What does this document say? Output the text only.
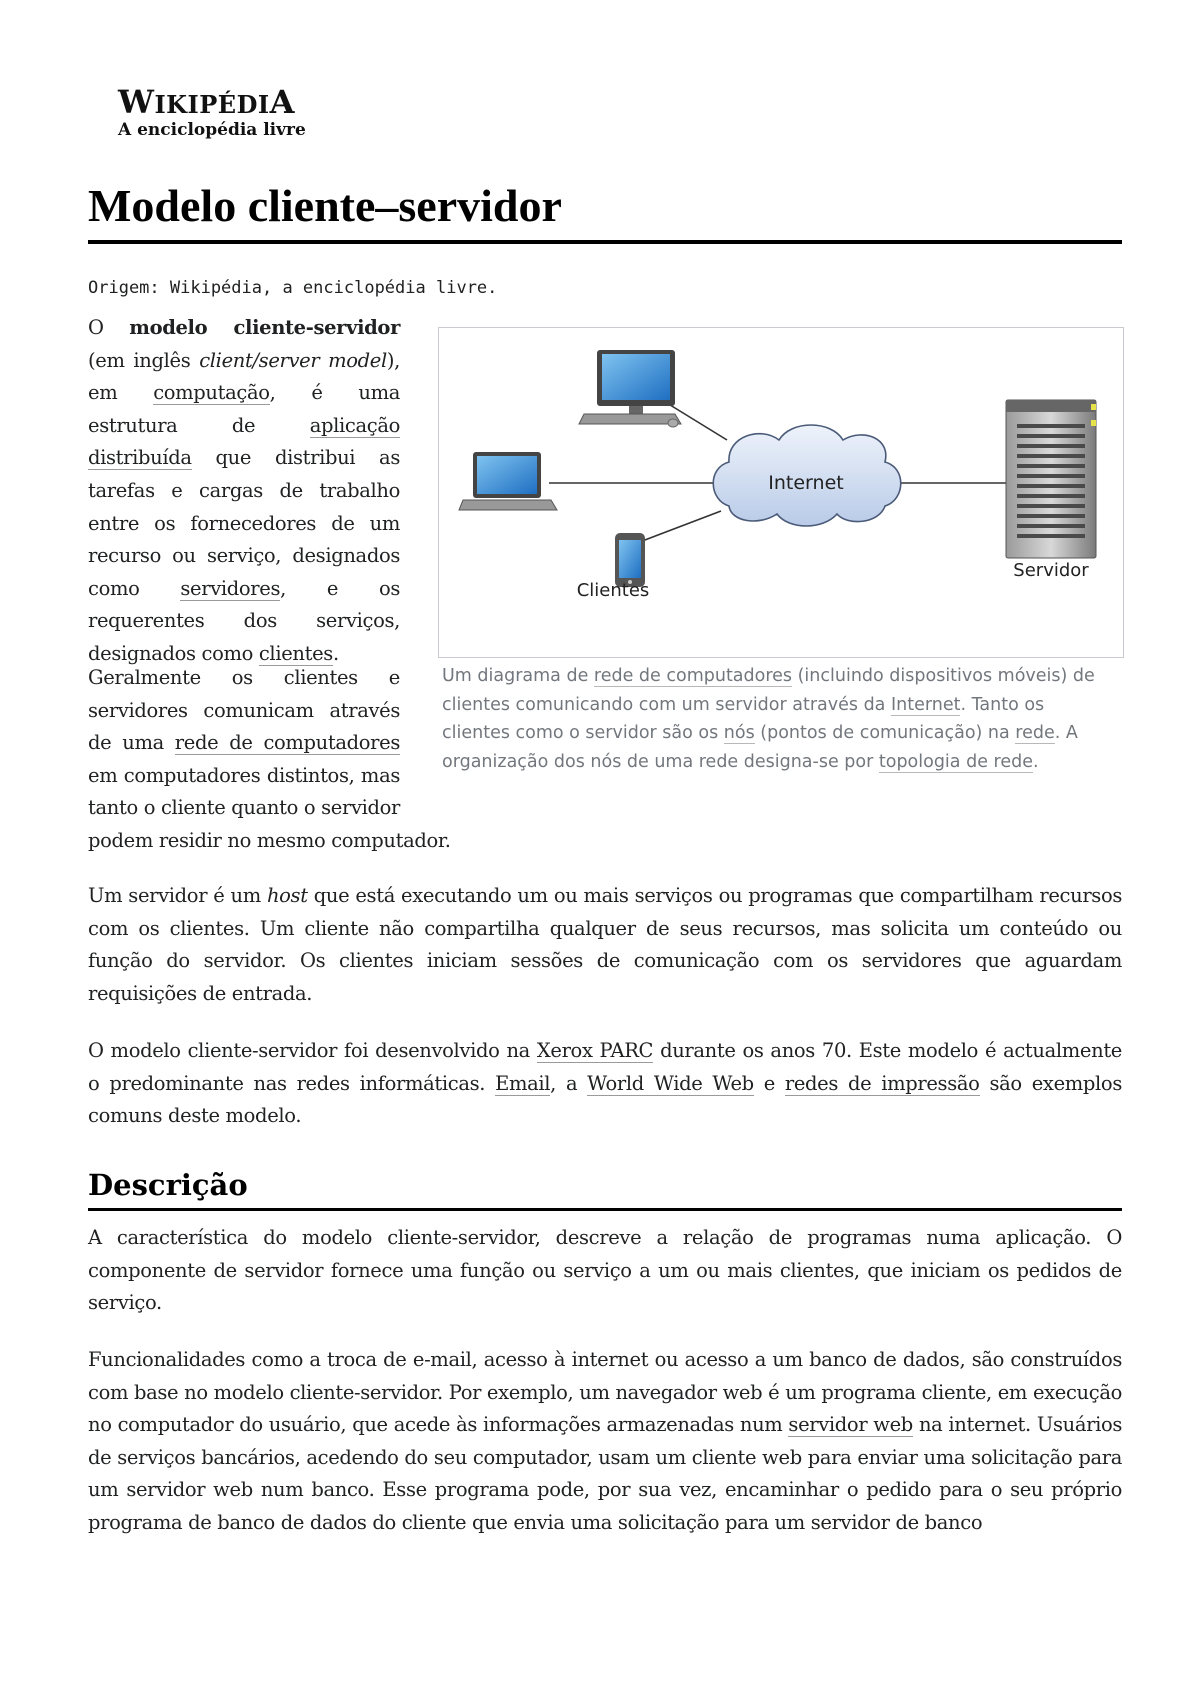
WIKIPÉDIA
A enciclopédia livre
Modelo cliente–servidor
Origem: Wikipédia, a enciclopédia livre.

O modelo cliente-servidor (em inglês client/server model), em computação, é uma estrutura de aplicação distribuída que distribui as tarefas e cargas de trabalho entre os fornecedores de um recurso ou serviço, designados como servidores, e os requerentes dos serviços, designados como clientes.

Geralmente os clientes e servidores comunicam através de uma rede de computadores em computadores distintos, mas tanto o cliente quanto o servidor podem residir no mesmo computador.

Internet
Clientes
Servidor

Um diagrama de rede de computadores (incluindo dispositivos móveis) de clientes comunicando com um servidor através da Internet. Tanto os clientes como o servidor são os nós (pontos de comunicação) na rede. A organização dos nós de uma rede designa-se por topologia de rede.

Um servidor é um host que está executando um ou mais serviços ou programas que compartilham recursos com os clientes. Um cliente não compartilha qualquer de seus recursos, mas solicita um conteúdo ou função do servidor. Os clientes iniciam sessões de comunicação com os servidores que aguardam requisições de entrada.

O modelo cliente-servidor foi desenvolvido na Xerox PARC durante os anos 70. Este modelo é actualmente o predominante nas redes informáticas. Email, a World Wide Web e redes de impressão são exemplos comuns deste modelo.

Descrição

A característica do modelo cliente-servidor, descreve a relação de programas numa aplicação. O componente de servidor fornece uma função ou serviço a um ou mais clientes, que iniciam os pedidos de serviço.

Funcionalidades como a troca de e-mail, acesso à internet ou acesso a um banco de dados, são construídos com base no modelo cliente-servidor. Por exemplo, um navegador web é um programa cliente, em execução no computador do usuário, que acede às informações armazenadas num servidor web na internet. Usuários de serviços bancários, acedendo do seu computador, usam um cliente web para enviar uma solicitação para um servidor web num banco. Esse programa pode, por sua vez, encaminhar o pedido para o seu próprio programa de banco de dados do cliente que envia uma solicitação para um servidor de banco
